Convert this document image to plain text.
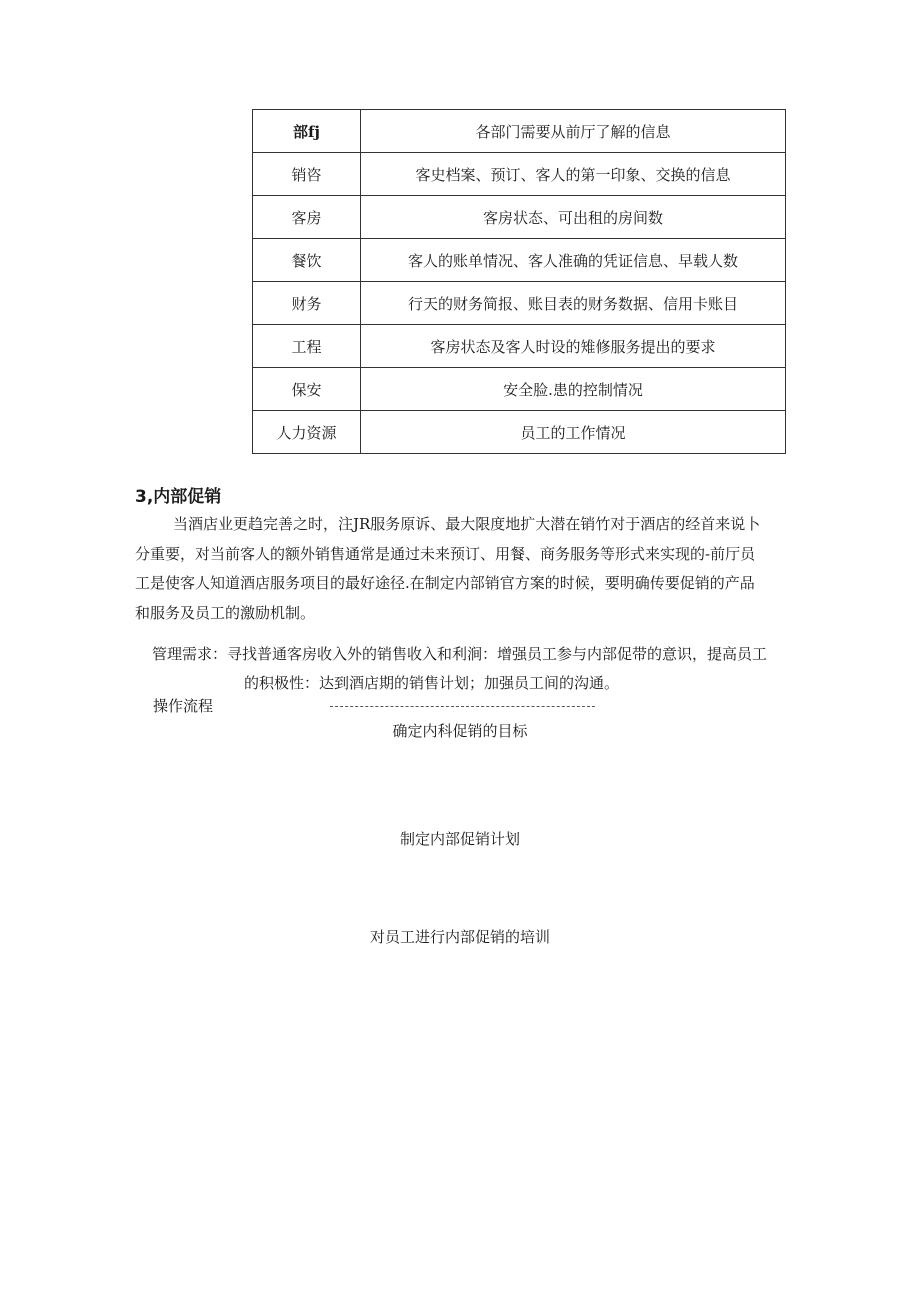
部fj	各部门需要从前厅了解的信息
销咨	客史档案、预订、客人的第一印象、交换的信息
客房	客房状态、可出租的房间数
餐饮	客人的账单情况、客人准确的凭证信息、早载人数
财务	行天的财务简报、账目表的财务数据、信用卡账目
工程	客房状态及客人时设的雉修服务提出的要求
保安	安全脸.患的控制情况
人力资源	员工的工作情况
3,内部促销

当酒店业更趋完善之时，注JR服务原诉、最大限度地扩大潜在销竹对于酒店的经首来说卜
分重要，对当前客人的额外销售通常是通过未来预订、用餐、商务服务等形式来实现的-前厅员
工是使客人知道酒店服务项目的最好途径.在制定内部销官方案的时候，要明确传要促销的产品
和服务及员工的激励机制。

管理需求：寻找普通客房收入外的销售收入和利涧：增强员工参与内部促带的意识，提高员工
的积极性：达到酒店期的销售计划；加强员工间的沟通。

操作流程
确定内科促销的目标
制定内部促销计划
对员工进行内部促销的培训
